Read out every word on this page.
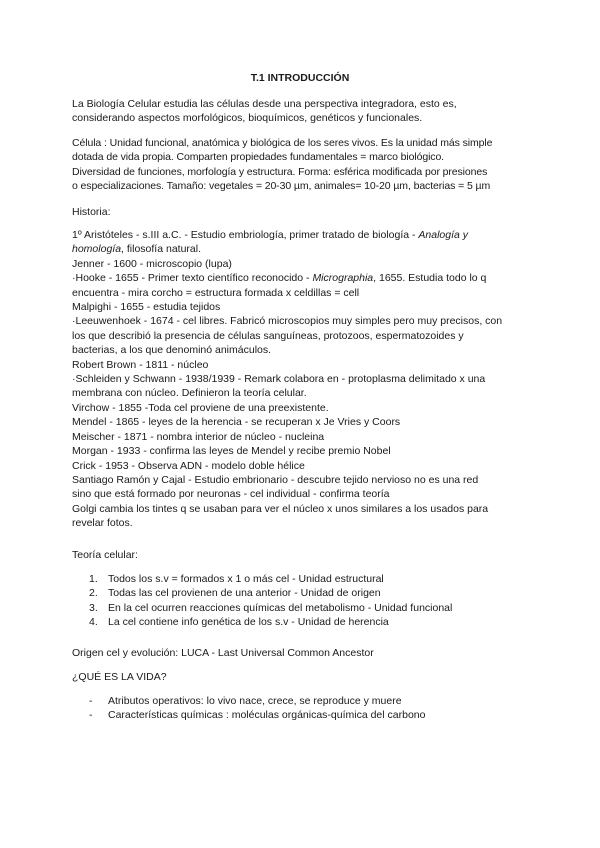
T.1 INTRODUCCIÓN
La Biología Celular estudia las células desde una perspectiva integradora, esto es,
considerando aspectos morfológicos, bioquímicos, genéticos y funcionales.
Célula : Unidad funcional, anatómica y biológica de los seres vivos. Es la unidad más simple
dotada de vida propia. Comparten propiedades fundamentales = marco biológico.
Diversidad de funciones, morfología y estructura. Forma: esférica modificada por presiones
o especializaciones. Tamaño: vegetales = 20-30 µm, animales= 10-20 µm, bacterias = 5 µm
Historia:

1º Aristóteles - s.III a.C. - Estudio embriología, primer tratado de biología - Analogía y
homología, filosofía natural.

Jenner - 1600 - microscopio (lupa)

·Hooke - 1655 - Primer texto científico reconocido - Micrographia, 1655. Estudia todo lo q
encuentra - mira corcho = estructura formada x celdillas = cell

Malpighi - 1655 - estudia tejidos

·Leeuwenhoek - 1674 - cel libres. Fabricó microscopios muy simples pero muy precisos, con
los que describió la presencia de células sanguíneas, protozoos, espermatozoides y
bacterias, a los que denominó animáculos.

Robert Brown - 1811 - núcleo

·Schleiden y Schwann - 1938/1939 - Remark colabora en - protoplasma delimitado x una
membrana con núcleo. Definieron la teoría celular.

Virchow - 1855 -Toda cel proviene de una preexistente.

Mendel - 1865 - leyes de la herencia - se recuperan x Je Vries y Coors

Meischer - 1871 - nombra interior de núcleo - nucleina

Morgan - 1933 - confirma las leyes de Mendel y recibe premio Nobel

Crick - 1953 - Observa ADN - modelo doble hélice

Santiago Ramón y Cajal - Estudio embrionario - descubre tejido nervioso no es una red
sino que está formado por neuronas - cel individual - confirma teoría

Golgi cambia los tintes q se usaban para ver el núcleo x unos similares a los usados para
revelar fotos.

Teoría celular:
1. Todos los s.v = formados x 1 o más cel - Unidad estructural
2. Todas las cel provienen de una anterior - Unidad de origen
3. En la cel ocurren reacciones químicas del metabolismo - Unidad funcional
4. La cel contiene info genética de los s.v - Unidad de herencia
Origen cel y evolución: LUCA - Last Universal Common Ancestor
¿QUÉ ES LA VIDA?
- Atributos operativos: lo vivo nace, crece, se reproduce y muere
- Características químicas : moléculas orgánicas-química del carbono
